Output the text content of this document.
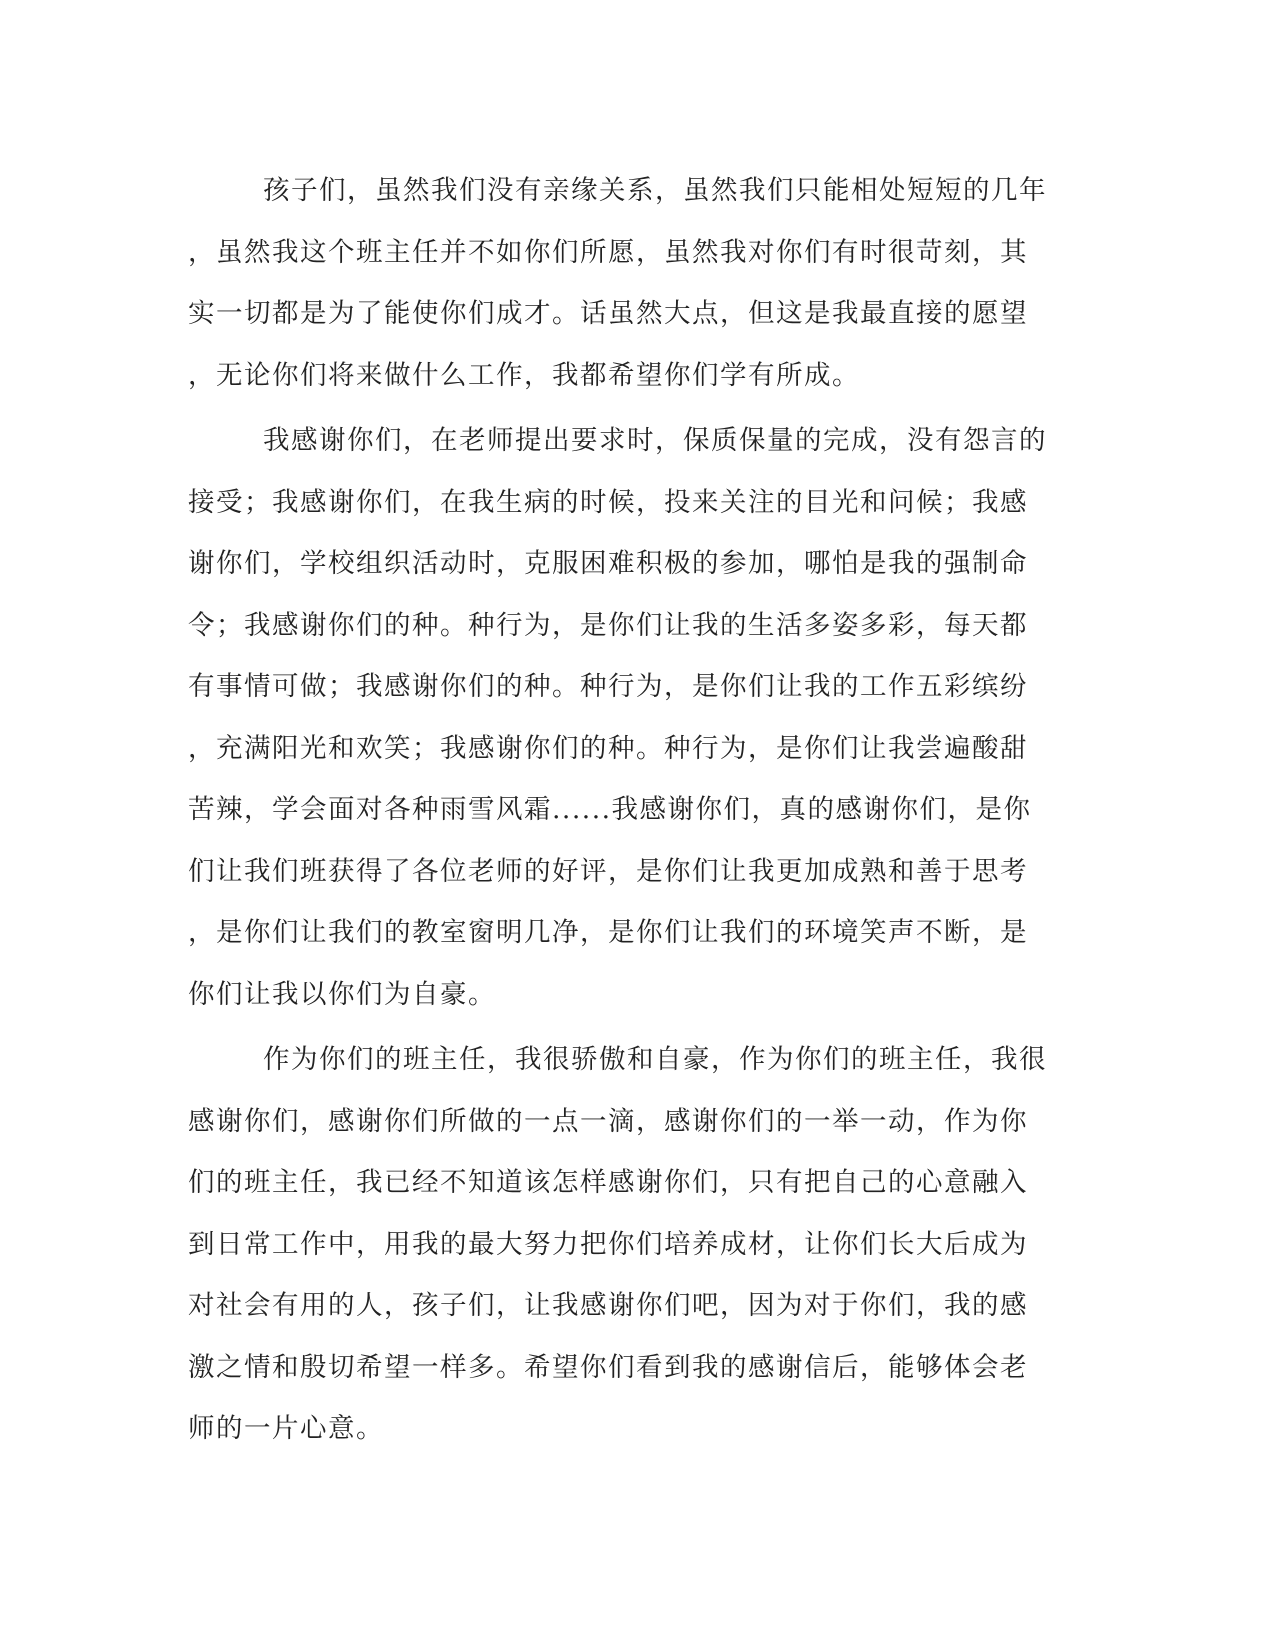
孩子们，虽然我们没有亲缘关系，虽然我们只能相处短短的几年
，虽然我这个班主任并不如你们所愿，虽然我对你们有时很苛刻，其
实一切都是为了能使你们成才。话虽然大点，但这是我最直接的愿望
，无论你们将来做什么工作，我都希望你们学有所成。
我感谢你们，在老师提出要求时，保质保量的完成，没有怨言的
接受；我感谢你们，在我生病的时候，投来关注的目光和问候；我感
谢你们，学校组织活动时，克服困难积极的参加，哪怕是我的强制命
令；我感谢你们的种。种行为，是你们让我的生活多姿多彩，每天都
有事情可做；我感谢你们的种。种行为，是你们让我的工作五彩缤纷
，充满阳光和欢笑；我感谢你们的种。种行为，是你们让我尝遍酸甜
苦辣，学会面对各种雨雪风霜......我感谢你们，真的感谢你们，是你
们让我们班获得了各位老师的好评，是你们让我更加成熟和善于思考
，是你们让我们的教室窗明几净，是你们让我们的环境笑声不断，是
你们让我以你们为自豪。
作为你们的班主任，我很骄傲和自豪，作为你们的班主任，我很
感谢你们，感谢你们所做的一点一滴，感谢你们的一举一动，作为你
们的班主任，我已经不知道该怎样感谢你们，只有把自己的心意融入
到日常工作中，用我的最大努力把你们培养成材，让你们长大后成为
对社会有用的人，孩子们，让我感谢你们吧，因为对于你们，我的感
激之情和殷切希望一样多。希望你们看到我的感谢信后，能够体会老
师的一片心意。
